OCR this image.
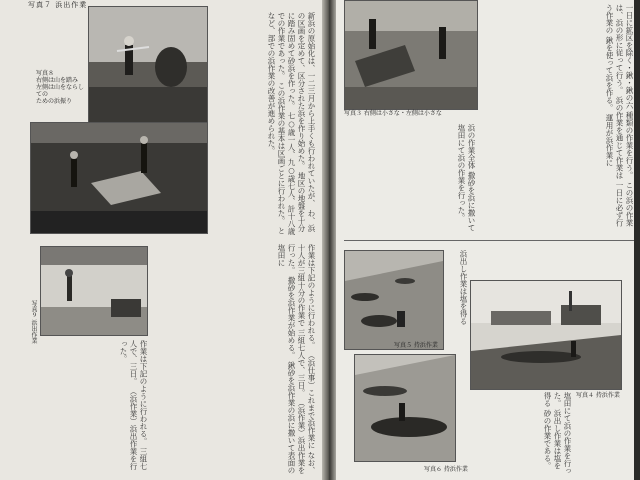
写真７ 浜出作業
写真８
右側は山を踏み
左側は山をならしての
ための浜振り
写真９ 浜出作業
新浜の原始化は、一二三月から上手くも行われていたが、 わ、浜の区画を定めて、区分された浜を作り始めた。 地区の地盤を十分に踏み固めて砂浜を作った。 七○歳一人、九○歳七人、計十八歳での作業であった。 この浜作業の基本は区画ごとに行われた。 となど、部での浜作業の改善が進められた。
作業は下記のように行われる。 （浜仕事）これまで浜作業に なお、十人が三組十分の作業で 三組七人で、三日。 （浜作業）浜出作業を行った。 撒砂を浜作業が始める。 鍬砂を浜作業の浜に撒いて表面の塩田に
作業は下記のように行われる。 三組七人で、三日。 （浜作業）浜出作業を行った。
写真３ 右側は小さな・左側は小さな
一日に鉱区を除く・鍬・鍬の六 種類の作業を行う。 この浜の作業は、浜の形に従って行う。 浜の作業を通じて作業は 一日に必ず行う作業の 鍬を使って浜を作る。 運用が浜作業に
浜の作業全体 撒砂を浜に撒いて 塩田にて浜の作業を行った。
写真５ 持浜作業
写真６ 持浜作業
写真４ 持浜作業
塩田にて浜の作業を行った。 浜出し作業は塩を得る 砂の作業である。
浜出し作業は塩を得る
